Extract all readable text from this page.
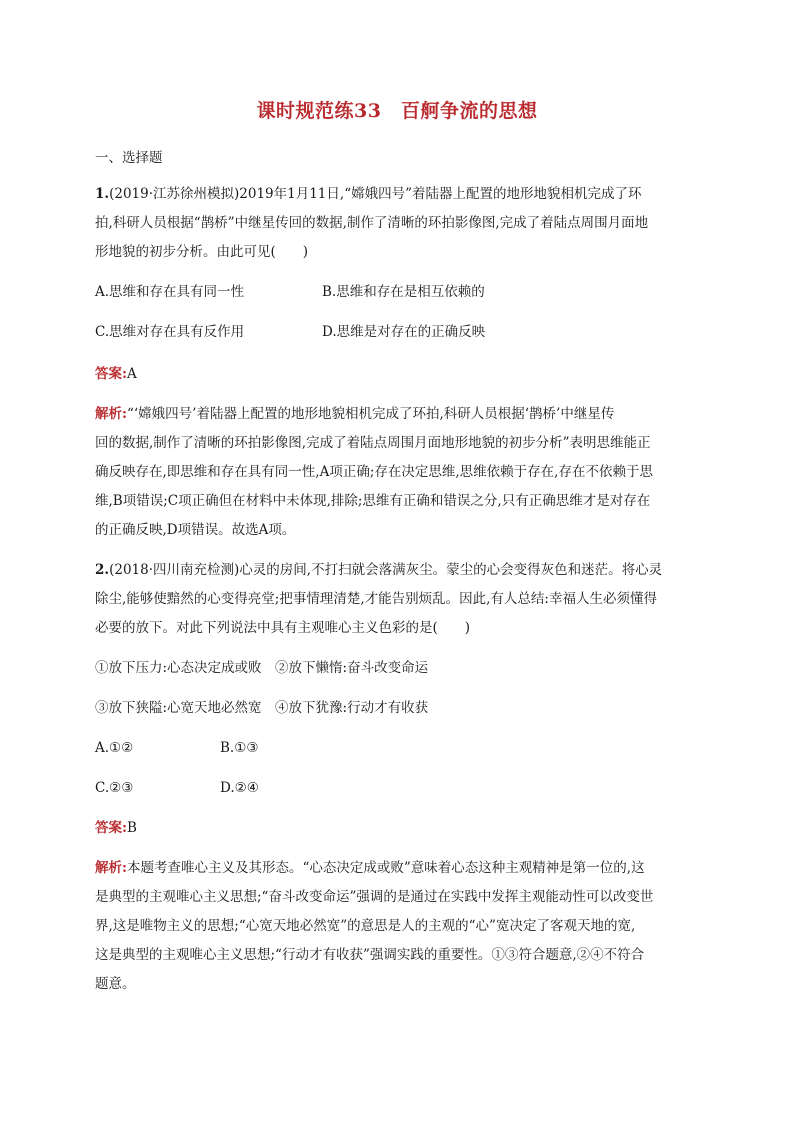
课时规范练33　百舸争流的思想
一、选择题
1.(2019·江苏徐州模拟)2019年1月11日,“嫦娥四号”着陆器上配置的地形地貌相机完成了环
拍,科研人员根据“鹊桥”中继星传回的数据,制作了清晰的环拍影像图,完成了着陆点周围月面地
形地貌的初步分析。由此可见(　　)
A.思维和存在具有同一性	B.思维和存在是相互依赖的
C.思维对存在具有反作用	D.思维是对存在的正确反映
答案:A
解析:“‘嫦娥四号’着陆器上配置的地形地貌相机完成了环拍,科研人员根据‘鹊桥’中继星传
回的数据,制作了清晰的环拍影像图,完成了着陆点周围月面地形地貌的初步分析”表明思维能正
确反映存在,即思维和存在具有同一性,A项正确;存在决定思维,思维依赖于存在,存在不依赖于思
维,B项错误;C项正确但在材料中未体现,排除;思维有正确和错误之分,只有正确思维才是对存在
的正确反映,D项错误。故选A项。
2.(2018·四川南充检测)心灵的房间,不打扫就会落满灰尘。蒙尘的心会变得灰色和迷茫。将心灵
除尘,能够使黯然的心变得亮堂;把事情理清楚,才能告别烦乱。因此,有人总结:幸福人生必须懂得
必要的放下。对此下列说法中具有主观唯心主义色彩的是(　　)
①放下压力:心态决定成或败　②放下懒惰:奋斗改变命运
③放下狭隘:心宽天地必然宽　④放下犹豫:行动才有收获
A.①②	B.①③
C.②③	D.②④
答案:B
解析:本题考查唯心主义及其形态。“心态决定成或败”意味着心态这种主观精神是第一位的,这
是典型的主观唯心主义思想;“奋斗改变命运”强调的是通过在实践中发挥主观能动性可以改变世
界,这是唯物主义的思想;“心宽天地必然宽”的意思是人的主观的“心”宽决定了客观天地的宽,
这是典型的主观唯心主义思想;“行动才有收获”强调实践的重要性。①③符合题意,②④不符合
题意。
